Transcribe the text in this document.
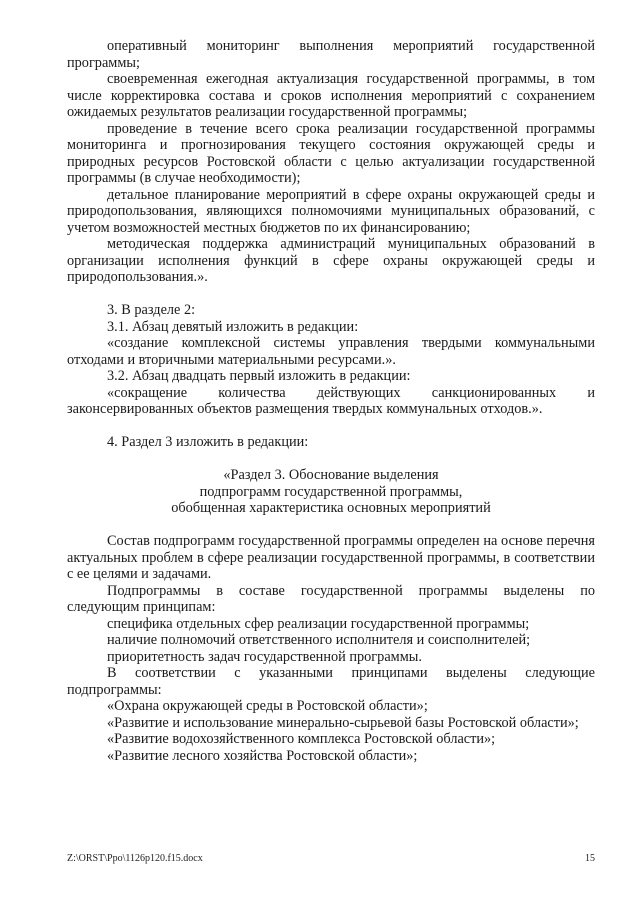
оперативный мониторинг выполнения мероприятий государственной программы;

своевременная ежегодная актуализация государственной программы, в том числе корректировка состава и сроков исполнения мероприятий с сохранением ожидаемых результатов реализации государственной программы;

проведение в течение всего срока реализации государственной программы мониторинга и прогнозирования текущего состояния окружающей среды и природных ресурсов Ростовской области с целью актуализации государственной программы (в случае необходимости);

детальное планирование мероприятий в сфере охраны окружающей среды и природопользования, являющихся полномочиями муниципальных образований, с учетом возможностей местных бюджетов по их финансированию;

методическая поддержка администраций муниципальных образований в организации исполнения функций в сфере охраны окружающей среды и природопользования.».

3. В разделе 2:

3.1. Абзац девятый изложить в редакции:

«создание комплексной системы управления твердыми коммунальными отходами и вторичными материальными ресурсами.».

3.2. Абзац двадцать первый изложить в редакции:

«сокращение количества действующих санкционированных и законсервированных объектов размещения твердых коммунальных отходов.».

4. Раздел 3 изложить в редакции:

«Раздел 3. Обоснование выделения

подпрограмм государственной программы,

обобщенная характеристика основных мероприятий

Состав подпрограмм государственной программы определен на основе перечня актуальных проблем в сфере реализации государственной программы, в соответствии с ее целями и задачами.

Подпрограммы в составе государственной программы выделены по следующим принципам:

специфика отдельных сфер реализации государственной программы;

наличие полномочий ответственного исполнителя и соисполнителей;

приоритетность задач государственной программы.

В соответствии с указанными принципами выделены следующие подпрограммы:

«Охрана окружающей среды в Ростовской области»;

«Развитие и использование минерально-сырьевой базы Ростовской области»;

«Развитие водохозяйственного комплекса Ростовской области»;

«Развитие лесного хозяйства Ростовской области»;

Z:\ORST\Ppo\1126p120.f15.docx	15
